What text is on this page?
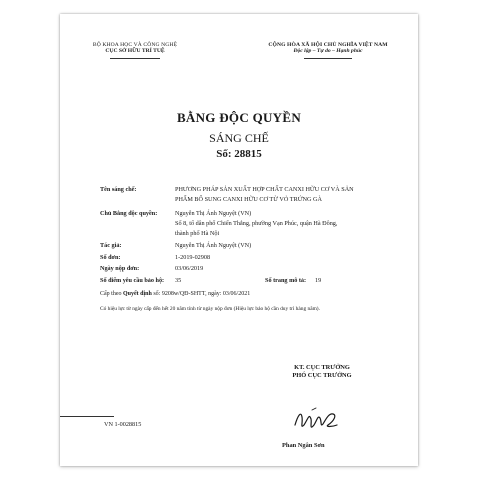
BỘ KHOA HỌC VÀ CÔNG NGHỆ
CỤC SỞ HỮU TRÍ TUỆ
CỘNG HÒA XÃ HỘI CHỦ NGHĨA VIỆT NAM
Độc lập – Tự do – Hạnh phúc
BẰNG ĐỘC QUYỀN
SÁNG CHẾ
Số: 28815
Tên sáng chế:	PHƯƠNG PHÁP SẢN XUẤT HỢP CHẤT CANXI HỮU CƠ VÀ SẢN
PHẨM BỔ SUNG CANXI HỮU CƠ TỪ VỎ TRỨNG GÀ
Chủ Bằng độc quyền:	Nguyễn Thị Ánh Nguyệt (VN)
Số 8, tổ dân phố Chiến Thắng, phường Vạn Phúc, quận Hà Đông,
thành phố Hà Nội
Tác giả:	Nguyễn Thị Ánh Nguyệt (VN)
Số đơn:	1-2019-02908
Ngày nộp đơn:	03/06/2019
Số điểm yêu cầu bảo hộ: 35	Số trang mô tả: 19
Cấp theo Quyết định số: 9208w/QĐ-SHTT, ngày: 03/06/2021
Có hiệu lực từ ngày cấp đến hết 20 năm tính từ ngày nộp đơn (Hiệu lực bảo hộ cần duy trì hàng năm).
KT. CỤC TRƯỞNG
PHÓ CỤC TRƯỞNG
Phan Ngân Sơn
VN 1-0028815
